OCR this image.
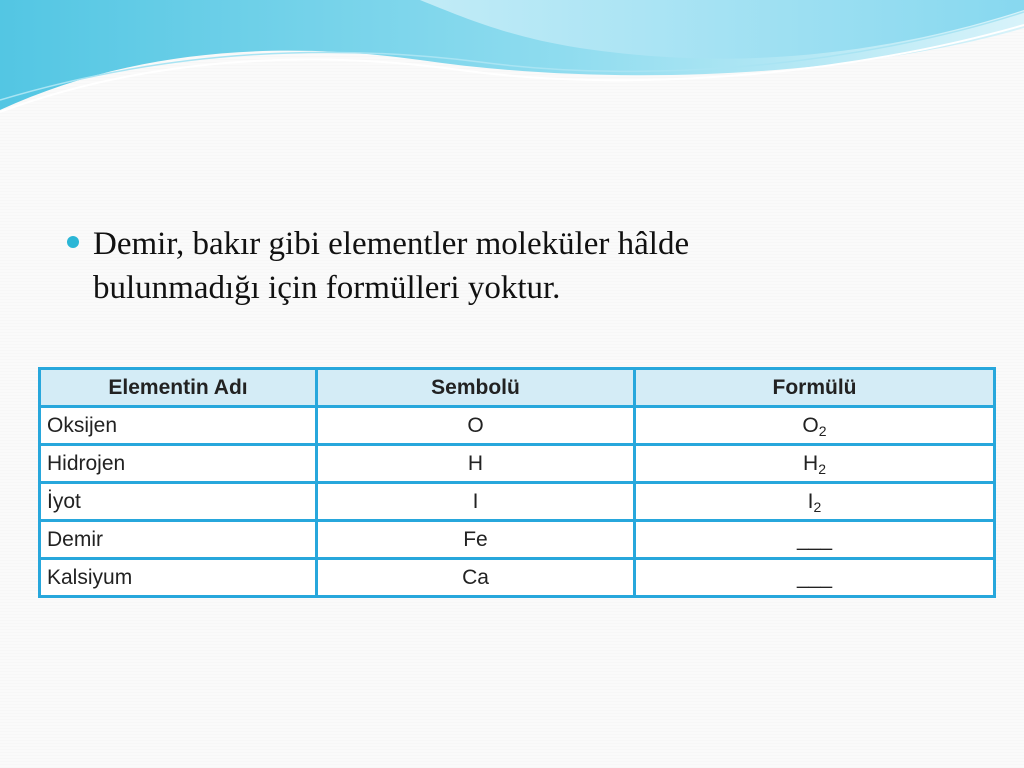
Demir, bakır gibi elementler moleküler hâlde
bulunmadığı için formülleri yoktur.
Elementin Adı	Sembolü	Formülü
Oksijen	O	$O_2$
Hidrojen	H	$H_2$
İyot	I	$I_2$
Demir	Fe	___
Kalsiyum	Ca	___
